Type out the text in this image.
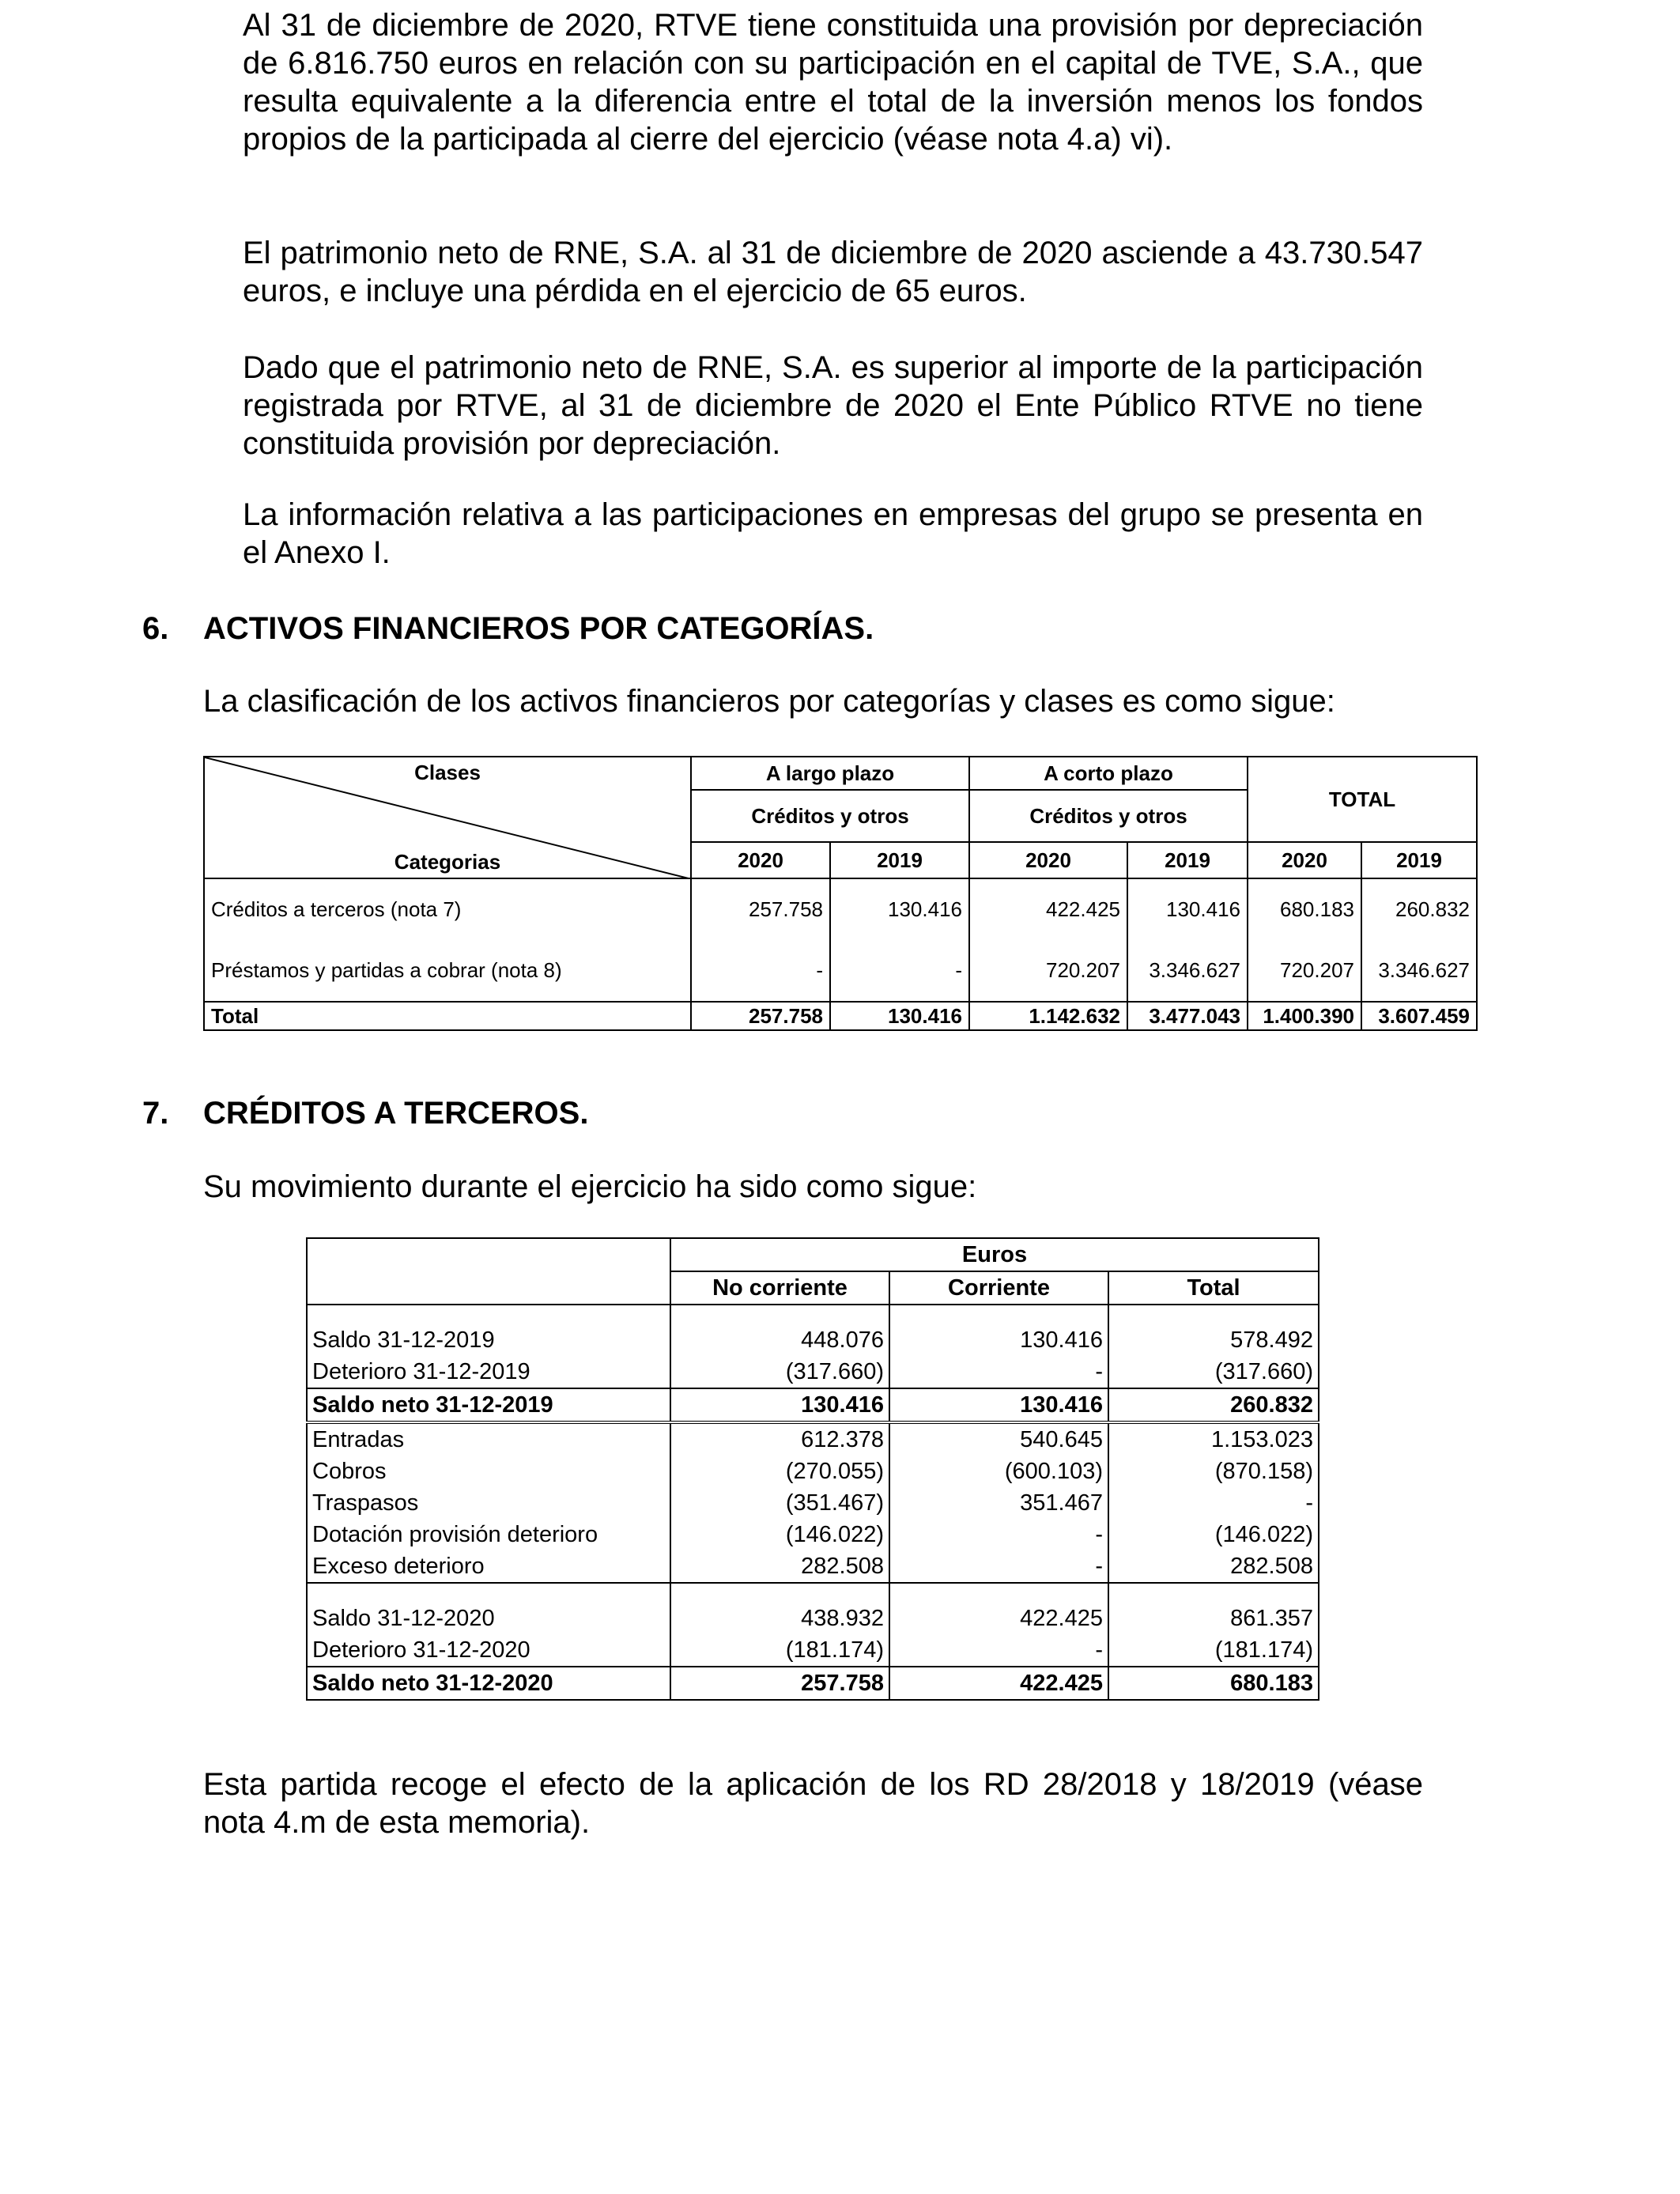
Al 31 de diciembre de 2020, RTVE tiene constituida una provisión por depreciación de 6.816.750 euros en relación con su participación en el capital de TVE, S.A., que resulta equivalente a la diferencia entre el total de la inversión menos los fondos propios de la participada al cierre del ejercicio (véase nota 4.a) vi).

El patrimonio neto de RNE, S.A. al 31 de diciembre de 2020 asciende a 43.730.547 euros, e incluye una pérdida en el ejercicio de 65 euros.

Dado que el patrimonio neto de RNE, S.A. es superior al importe de la participación registrada por RTVE, al 31 de diciembre de 2020 el Ente Público RTVE no tiene constituida provisión por depreciación.

La información relativa a las participaciones en empresas del grupo se presenta en el Anexo I.

6. ACTIVOS FINANCIEROS POR CATEGORÍAS.

La clasificación de los activos financieros por categorías y clases es como sigue:

Clases
Categorias	A largo plazo		A corto plazo		TOTAL	
	Créditos y otros		Créditos y otros			
	2020	2019	2020	2019	2020	2019
Créditos a terceros (nota 7)	257.758	130.416	422.425	130.416	680.183	260.832
Préstamos y partidas a cobrar (nota 8)	-	-	720.207	3.346.627	720.207	3.346.627
Total	257.758	130.416	1.142.632	3.477.043	1.400.390	3.607.459

7. CRÉDITOS A TERCEROS.

Su movimiento durante el ejercicio ha sido como sigue:

	Euros		
	No corriente	Corriente	Total

Saldo 31-12-2019	448.076	130.416	578.492
Deterioro 31-12-2019	(317.660)	-	(317.660)
Saldo neto 31-12-2019	130.416	130.416	260.832
Entradas	612.378	540.645	1.153.023
Cobros	(270.055)	(600.103)	(870.158)
Traspasos	(351.467)	351.467	-
Dotación provisión deterioro	(146.022)	-	(146.022)
Exceso deterioro	282.508	-	282.508

Saldo 31-12-2020	438.932	422.425	861.357
Deterioro 31-12-2020	(181.174)	-	(181.174)
Saldo neto 31-12-2020	257.758	422.425	680.183

Esta partida recoge el efecto de la aplicación de los RD 28/2018 y 18/2019 (véase nota 4.m de esta memoria).
